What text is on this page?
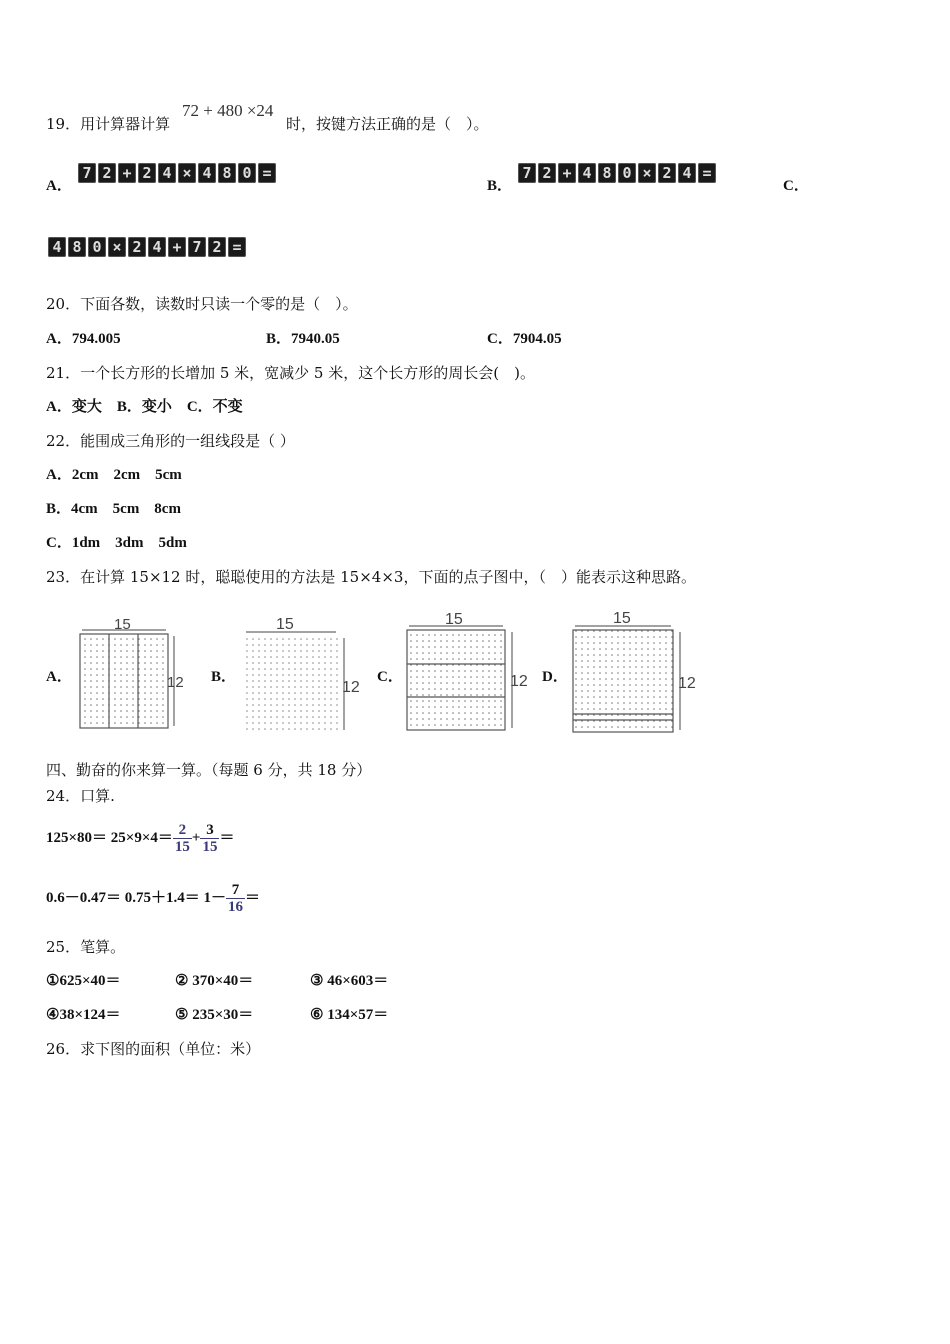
19．用计算器计算
72 + 480 ×24
时，按键方法正确的是（　）。
A．
7 2 + 2 4 × 4 8 0 =
B．
7 2 + 4 8 0 × 2 4 =
C．
4 8 0 × 2 4 + 7 2 =
20．下面各数，读数时只读一个零的是（　）。
A．794.005	B．7940.05	C．7904.05
21．一个长方形的长增加 5 米，宽减少 5 米，这个长方形的周长会(　)。
A．变大　B．变小　C．不变
22．能围成三角形的一组线段是（ ）
A．2cm　2cm　5cm
B．4cm　5cm　8cm
C．1dm　3dm　5dm
23．在计算 15×12 时，聪聪使用的方法是 15×4×3，下面的点子图中，（　）能表示这种思路。
A．	B．	C．	D．
15
12
15
12
15
12
15
12
四、勤奋的你来算一算。（每题 6 分，共 18 分）
24．口算.
$125\times 80= 25\times 9\times 4= \frac{2}{15} + \frac{3}{15}$ ＝
$0.6-0.47= 0.75+1.4= 1- \frac{7}{16}$ ＝
25．笔算。
①625×40＝	② 370×40＝	③ 46×603＝
④38×124＝	⑤ 235×30＝	⑥ 134×57＝
26．求下图的面积（单位：米）
